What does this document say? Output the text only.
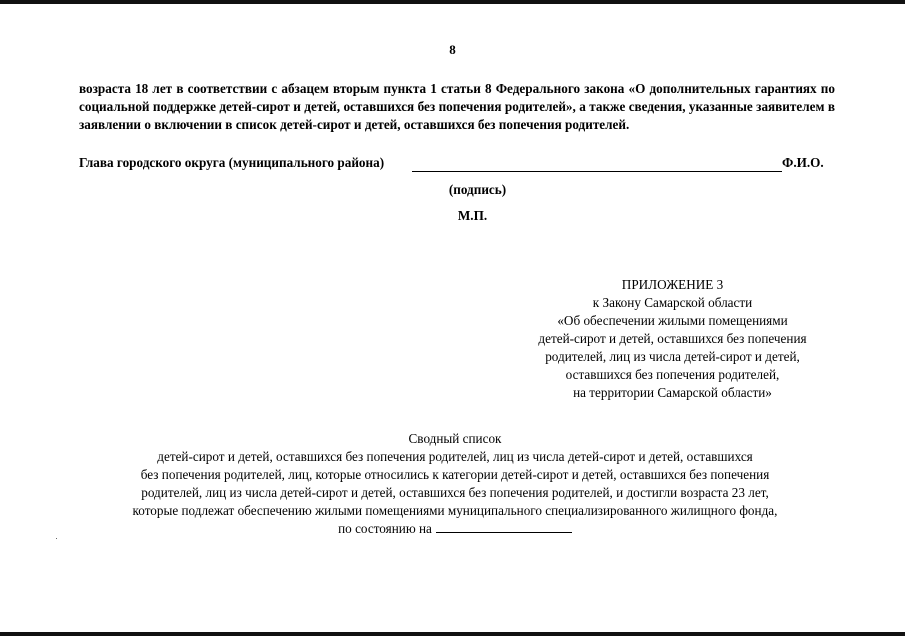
8
возраста 18 лет в соответствии с абзацем вторым пункта 1 статьи 8 Федерального закона «О дополнительных гарантиях по социальной поддержке детей-сирот и детей, оставшихся без попечения родителей», а также сведения, указанные заявителем в заявлении о включении в список детей-сирот и детей, оставшихся без попечения родителей.
Глава городского округа (муниципального района)	Ф.И.О.
(подпись)
М.П.
ПРИЛОЖЕНИЕ 3
к Закону Самарской области
«Об обеспечении жилыми помещениями
детей-сирот и детей, оставшихся без попечения
родителей, лиц из числа детей-сирот и детей,
оставшихся без попечения родителей,
на территории Самарской области»
Сводный список
детей-сирот и детей, оставшихся без попечения родителей, лиц из числа детей-сирот и детей, оставшихся
без попечения родителей, лиц, которые относились к категории детей-сирот и детей, оставшихся без попечения
родителей, лиц из числа детей-сирот и детей, оставшихся без попечения родителей, и достигли возраста 23 лет,
которые подлежат обеспечению жилыми помещениями муниципального специализированного жилищного фонда,
по состоянию на
